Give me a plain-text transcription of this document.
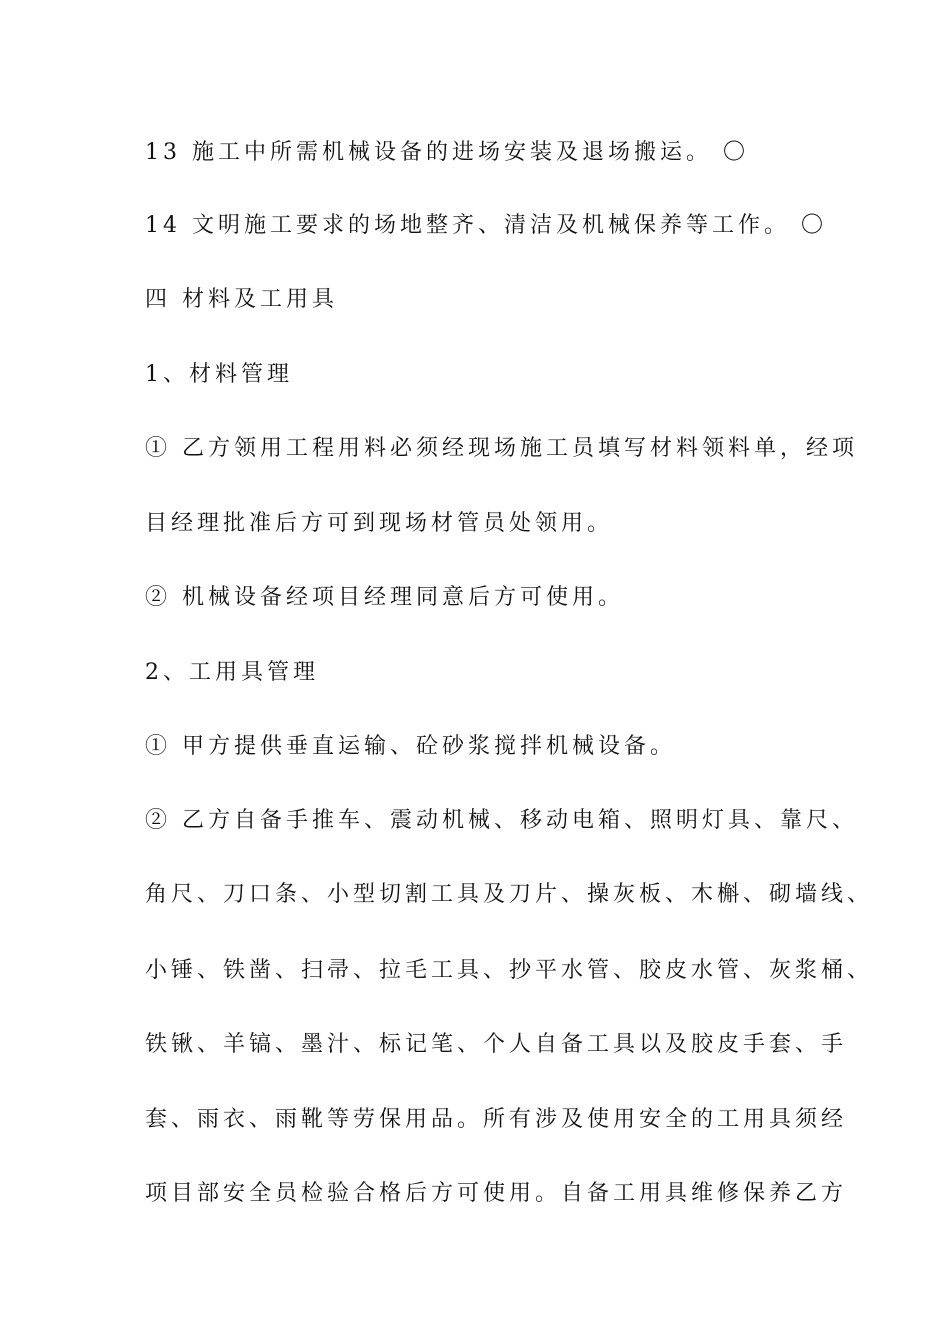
13 施工中所需机械设备的进场安装及退场搬运。 〇
14 文明施工要求的场地整齐、清洁及机械保养等工作。 〇
四 材料及工用具
1、材料管理
① 乙方领用工程用料必须经现场施工员填写材料领料单，经项
目经理批准后方可到现场材管员处领用。
② 机械设备经项目经理同意后方可使用。
2、工用具管理
① 甲方提供垂直运输、砼砂浆搅拌机械设备。
② 乙方自备手推车、震动机械、移动电箱、照明灯具、靠尺、
角尺、刀口条、小型切割工具及刀片、操灰板、木槲、砌墙线、
小锤、铁凿、扫帚、拉毛工具、抄平水管、胶皮水管、灰浆桶、
铁锹、羊镐、墨汁、标记笔、个人自备工具以及胶皮手套、手
套、雨衣、雨靴等劳保用品。所有涉及使用安全的工用具须经
项目部安全员检验合格后方可使用。自备工用具维修保养乙方
